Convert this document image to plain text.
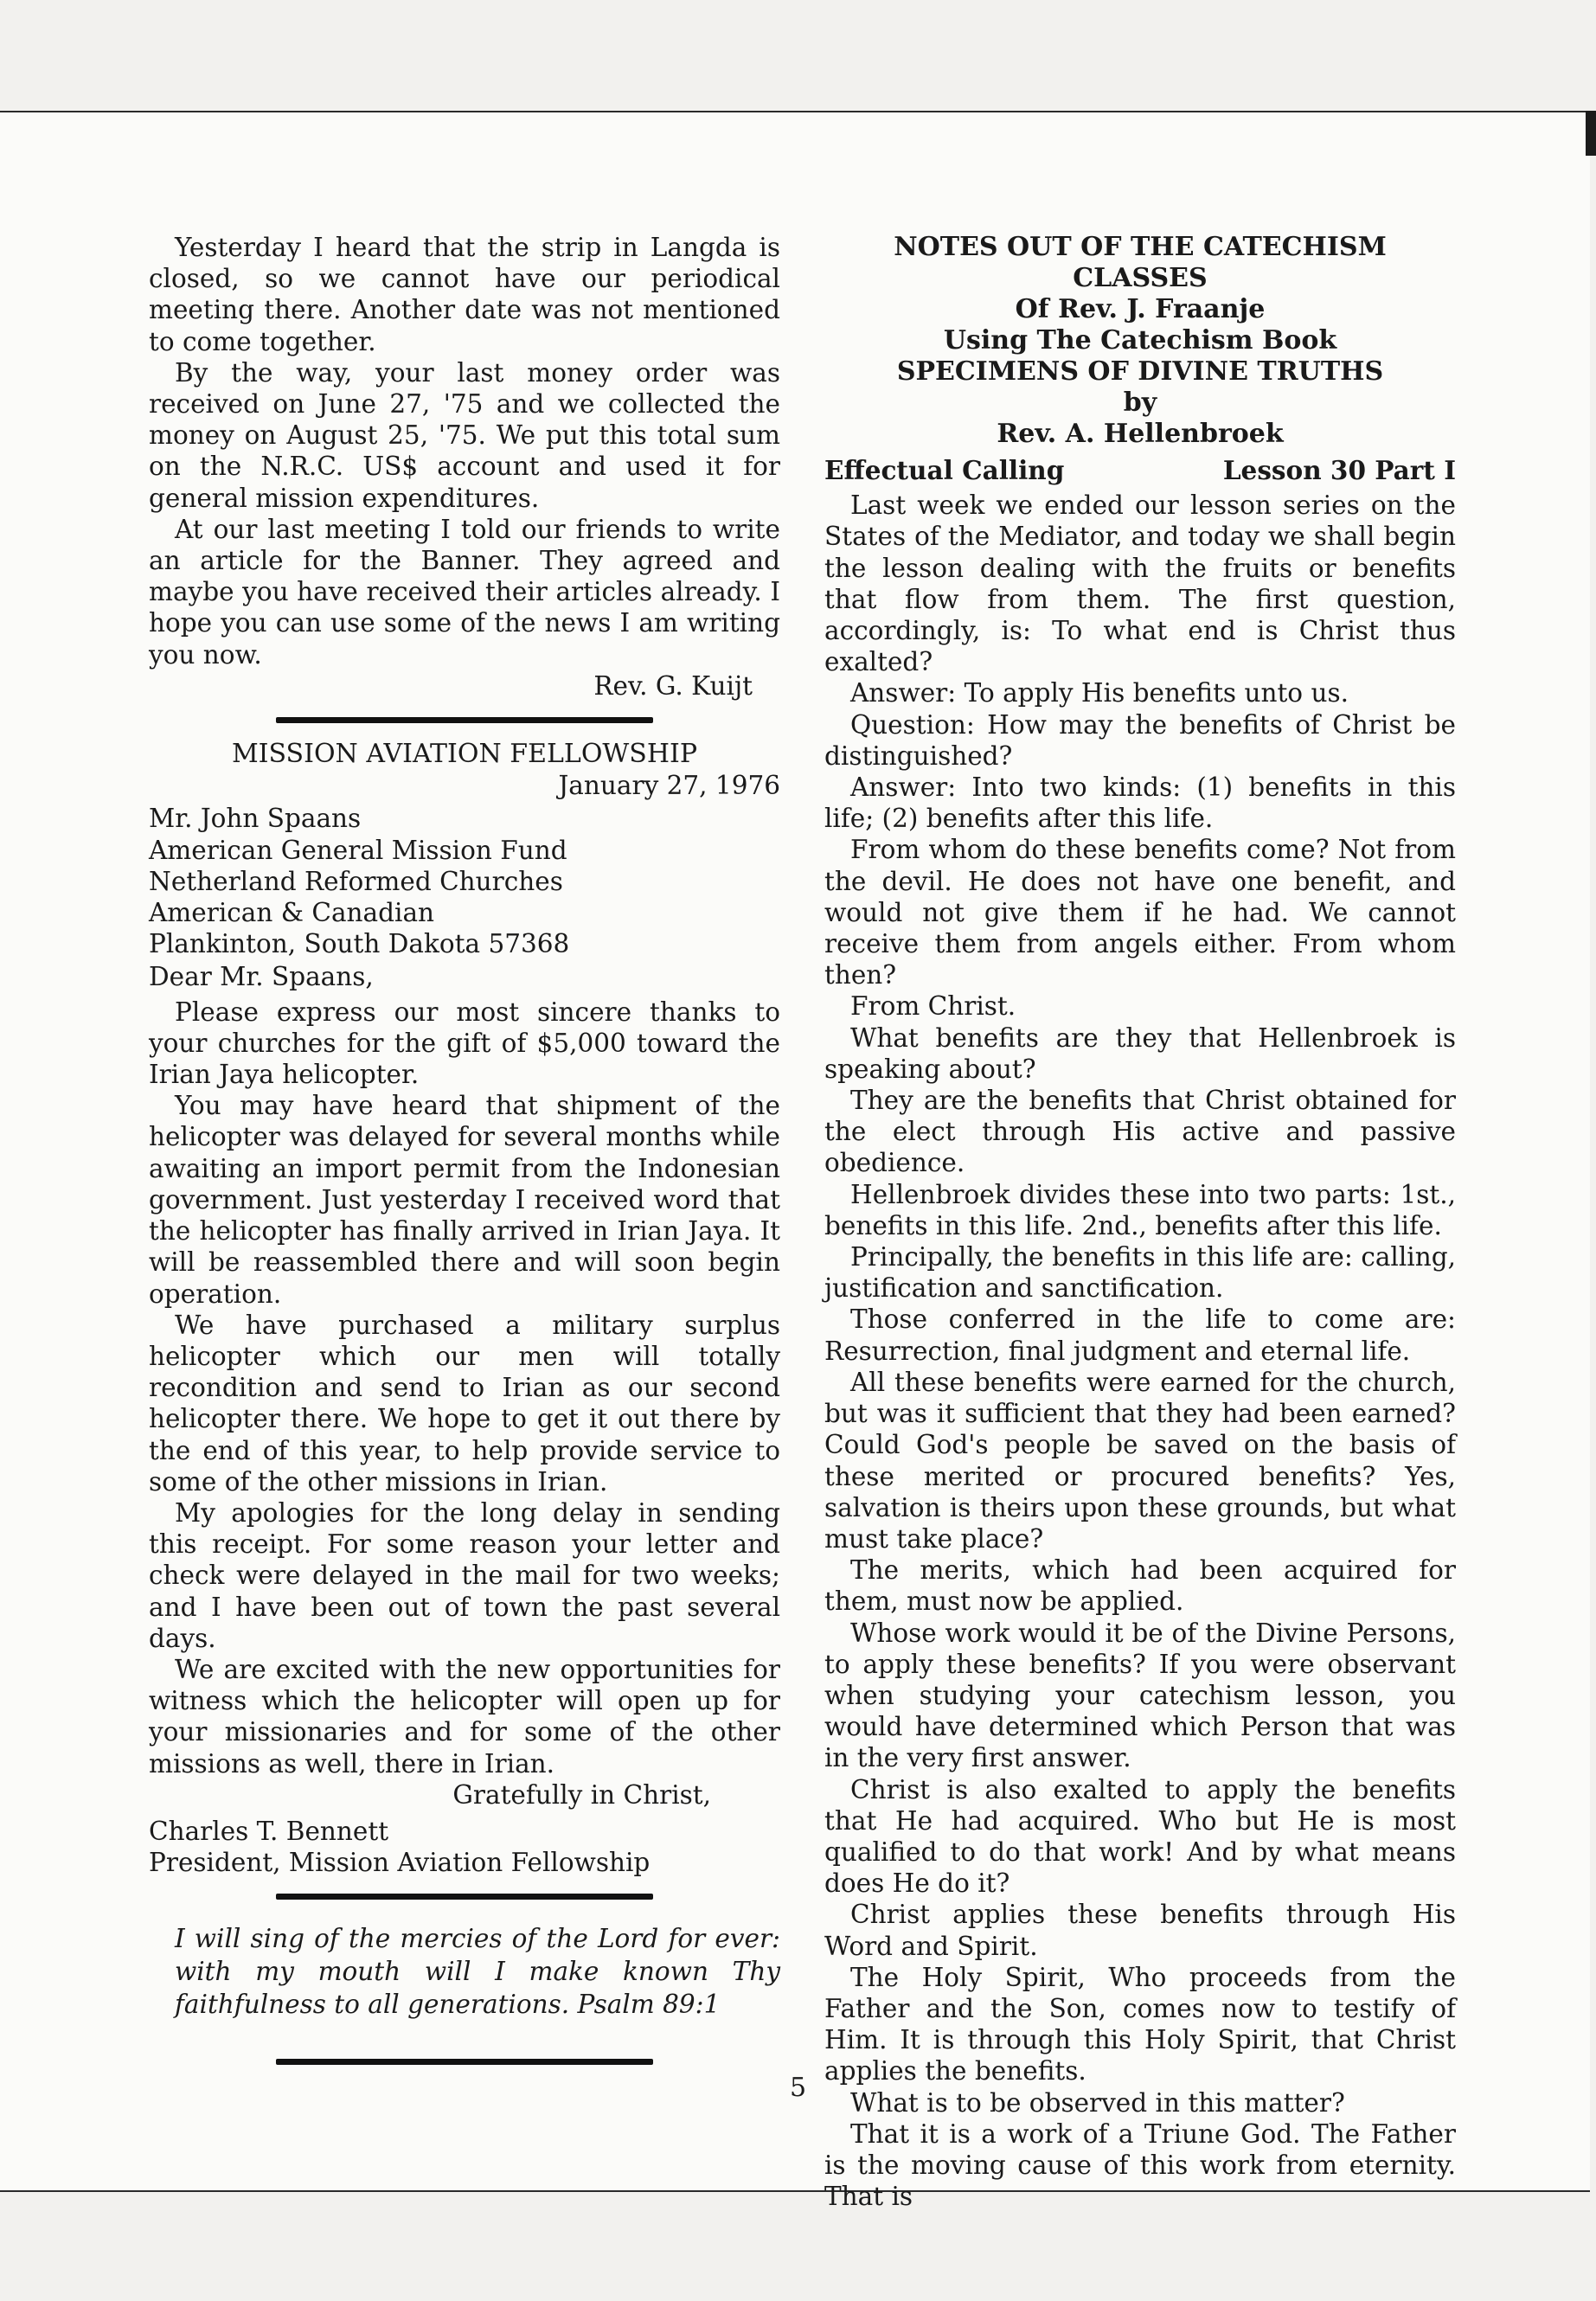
Yesterday I heard that the strip in Langda is closed, so we cannot have our periodical meeting there. Another date was not mentioned to come together.

By the way, your last money order was received on June 27, '75 and we collected the money on August 25, '75. We put this total sum on the N.R.C. US$ account and used it for general mission expenditures.

At our last meeting I told our friends to write an article for the Banner. They agreed and maybe you have received their articles already. I hope you can use some of the news I am writing you now.

Rev. G. Kuijt
MISSION AVIATION FELLOWSHIP
January 27, 1976
Mr. John Spaans
American General Mission Fund
Netherland Reformed Churches
American & Canadian
Plankinton, South Dakota 57368
Dear Mr. Spaans,

Please express our most sincere thanks to your churches for the gift of $5,000 toward the Irian Jaya helicopter.

You may have heard that shipment of the helicopter was delayed for several months while awaiting an import permit from the Indonesian government. Just yesterday I received word that the helicopter has finally arrived in Irian Jaya. It will be reassembled there and will soon begin operation.

We have purchased a military surplus helicopter which our men will totally recondition and send to Irian as our second helicopter there. We hope to get it out there by the end of this year, to help provide service to some of the other missions in Irian.

My apologies for the long delay in sending this receipt. For some reason your letter and check were delayed in the mail for two weeks; and I have been out of town the past several days.

We are excited with the new opportunities for witness which the helicopter will open up for your missionaries and for some of the other missions as well, there in Irian.

Gratefully in Christ,
Charles T. Bennett
President, Mission Aviation Fellowship
I will sing of the mercies of the Lord for ever: with my mouth will I make known Thy faithfulness to all generations. Psalm 89:1
NOTES OUT OF THE CATECHISM CLASSES
Of Rev. J. Fraanje
Using The Catechism Book
SPECIMENS OF DIVINE TRUTHS
by
Rev. A. Hellenbroek
Effectual Calling	Lesson 30 Part I

Last week we ended our lesson series on the States of the Mediator, and today we shall begin the lesson dealing with the fruits or benefits that flow from them. The first question, accordingly, is: To what end is Christ thus exalted?

Answer: To apply His benefits unto us.

Question: How may the benefits of Christ be distinguished?

Answer: Into two kinds: (1) benefits in this life; (2) benefits after this life.

From whom do these benefits come? Not from the devil. He does not have one benefit, and would not give them if he had. We cannot receive them from angels either. From whom then?

From Christ.

What benefits are they that Hellenbroek is speaking about?

They are the benefits that Christ obtained for the elect through His active and passive obedience.

Hellenbroek divides these into two parts: 1st., benefits in this life. 2nd., benefits after this life.

Principally, the benefits in this life are: calling, justification and sanctification.

Those conferred in the life to come are: Resurrection, final judgment and eternal life.

All these benefits were earned for the church, but was it sufficient that they had been earned? Could God's people be saved on the basis of these merited or procured benefits? Yes, salvation is theirs upon these grounds, but what must take place?

The merits, which had been acquired for them, must now be applied.

Whose work would it be of the Divine Persons, to apply these benefits? If you were observant when studying your catechism lesson, you would have determined which Person that was in the very first answer.

Christ is also exalted to apply the benefits that He had acquired. Who but He is most qualified to do that work! And by what means does He do it?

Christ applies these benefits through His Word and Spirit.

The Holy Spirit, Who proceeds from the Father and the Son, comes now to testify of Him. It is through this Holy Spirit, that Christ applies the benefits.

What is to be observed in this matter?

That it is a work of a Triune God. The Father is the moving cause of this work from eternity. That is

5
